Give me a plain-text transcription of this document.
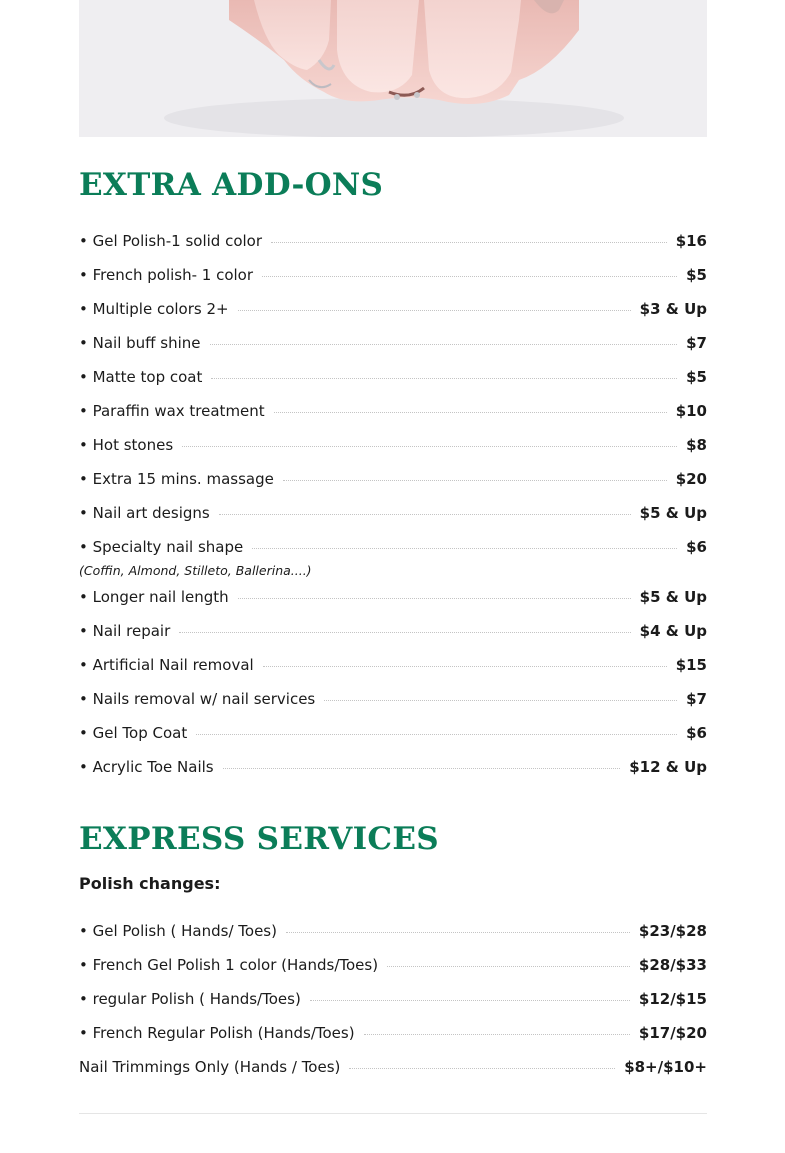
EXTRA ADD-ONS
• Gel Polish-1 solid color	$16
• French polish- 1 color	$5
• Multiple colors 2+	$3 & Up
• Nail buff shine	$7
• Matte top coat	$5
• Paraffin wax treatment	$10
• Hot stones	$8
• Extra 15 mins. massage	$20
• Nail art designs	$5 & Up
• Specialty nail shape	$6
(Coffin, Almond, Stilleto, Ballerina....)
• Longer nail length	$5 & Up
• Nail repair	$4 & Up
• Artificial Nail removal	$15
• Nails removal w/ nail services	$7
• Gel Top Coat	$6
• Acrylic Toe Nails	$12 & Up
EXPRESS SERVICES

Polish changes:

• Gel Polish ( Hands/ Toes)	$23/$28
• French Gel Polish 1 color (Hands/Toes)	$28/$33
• regular Polish ( Hands/Toes)	$12/$15
• French Regular Polish (Hands/Toes)	$17/$20
Nail Trimmings Only (Hands / Toes)	$8+/$10+
